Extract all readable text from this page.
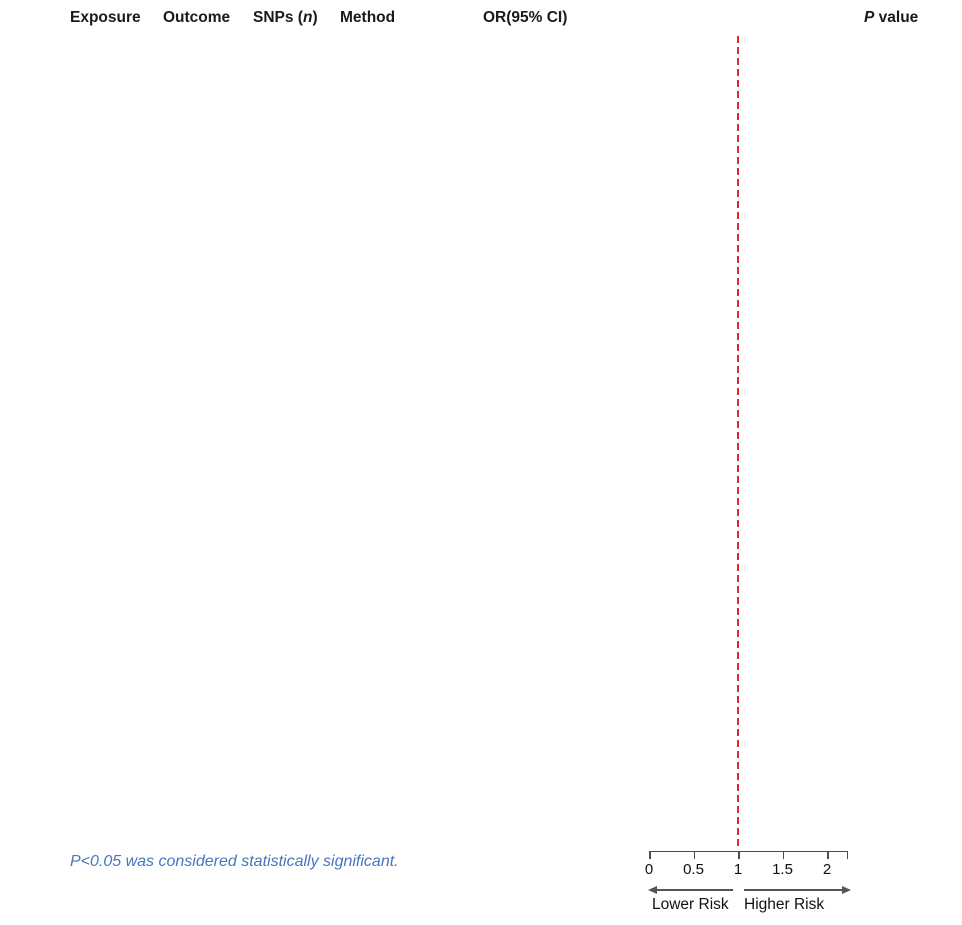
Exposure Outcome SNPs (n) Method	OR(95% CI)	P value
0	0.5	1	1.5	2
Lower Risk Higher Risk
P<0.05 was considered statistically significant.
